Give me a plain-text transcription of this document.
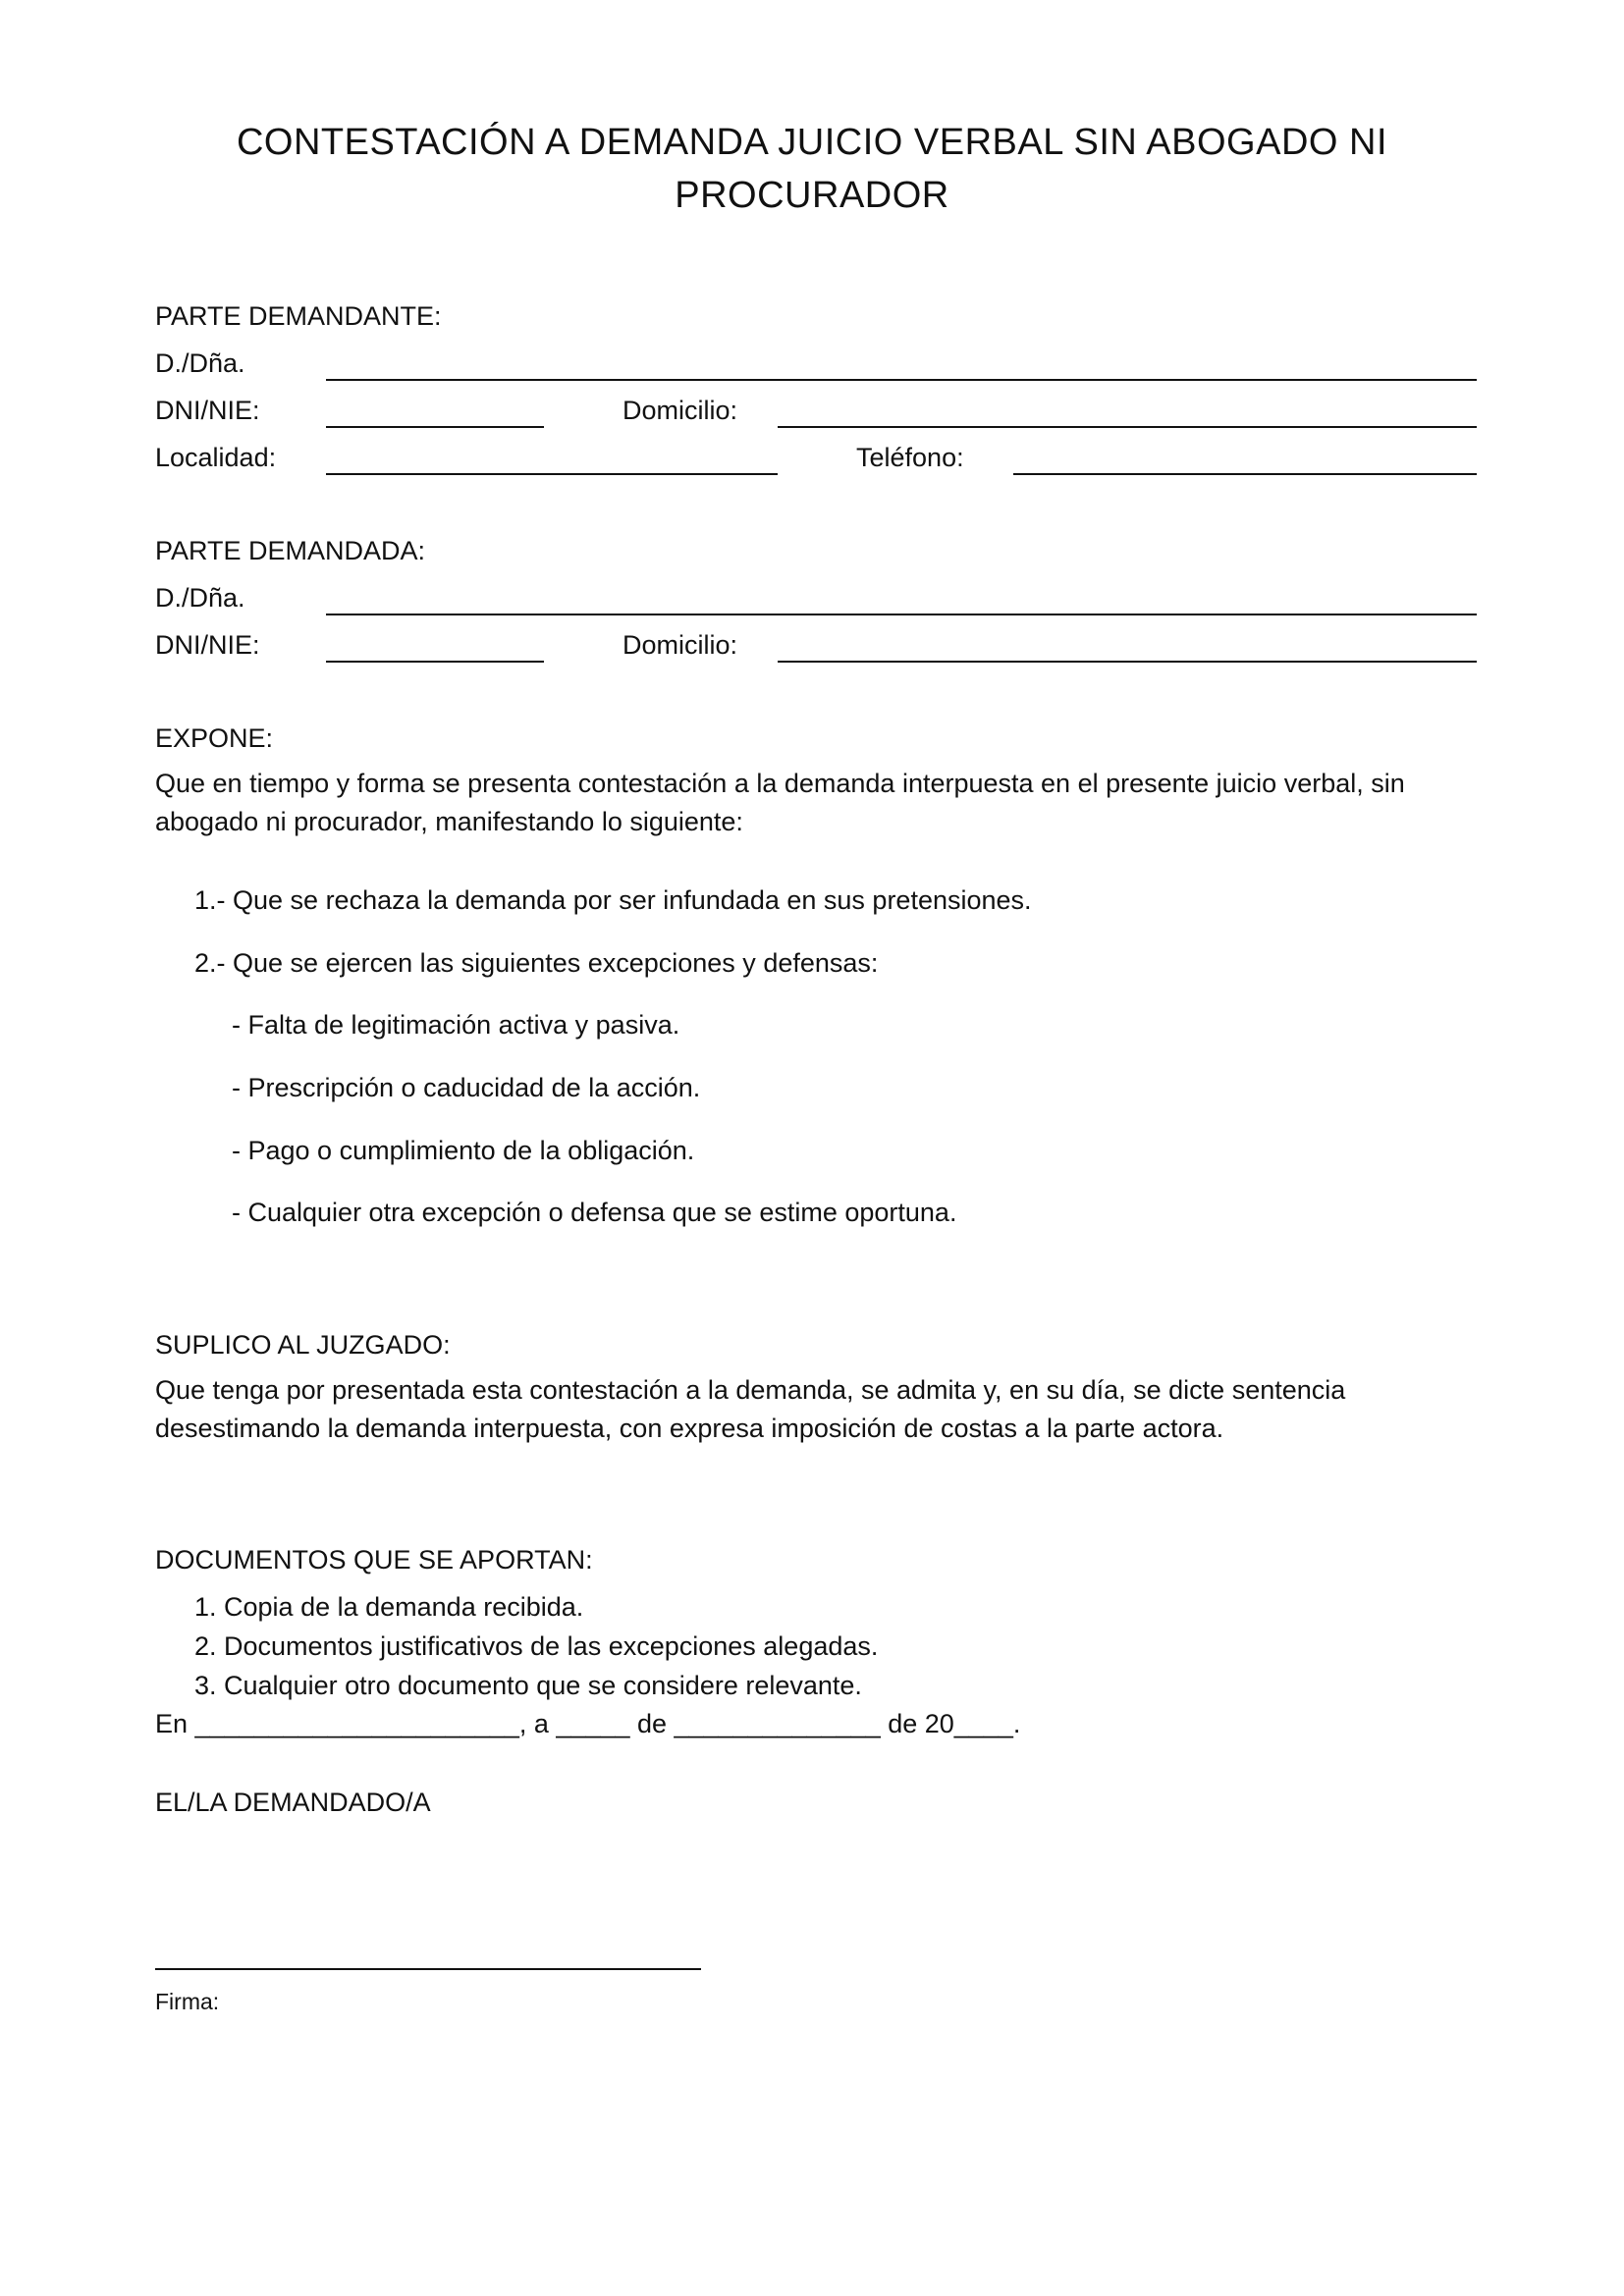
CONTESTACIÓN A DEMANDA JUICIO VERBAL SIN ABOGADO NI PROCURADOR

PARTE DEMANDANTE:

D./Dña.

DNI/NIE:	Domicilio:

Localidad:	Teléfono:

PARTE DEMANDADA:

D./Dña.

DNI/NIE:	Domicilio:

EXPONE:

Que en tiempo y forma se presenta contestación a la demanda interpuesta en el presente juicio verbal, sin abogado ni procurador, manifestando lo siguiente:

1.- Que se rechaza la demanda por ser infundada en sus pretensiones.

2.- Que se ejercen las siguientes excepciones y defensas:

- Falta de legitimación activa y pasiva.

- Prescripción o caducidad de la acción.

- Pago o cumplimiento de la obligación.

- Cualquier otra excepción o defensa que se estime oportuna.

SUPLICO AL JUZGADO:

Que tenga por presentada esta contestación a la demanda, se admita y, en su día, se dicte sentencia desestimando la demanda interpuesta, con expresa imposición de costas a la parte actora.

DOCUMENTOS QUE SE APORTAN:

1. Copia de la demanda recibida.

2. Documentos justificativos de las excepciones alegadas.

3. Cualquier otro documento que se considere relevante.

En ______________________, a _____ de ______________ de 20____.

EL/LA DEMANDADO/A

Firma:
